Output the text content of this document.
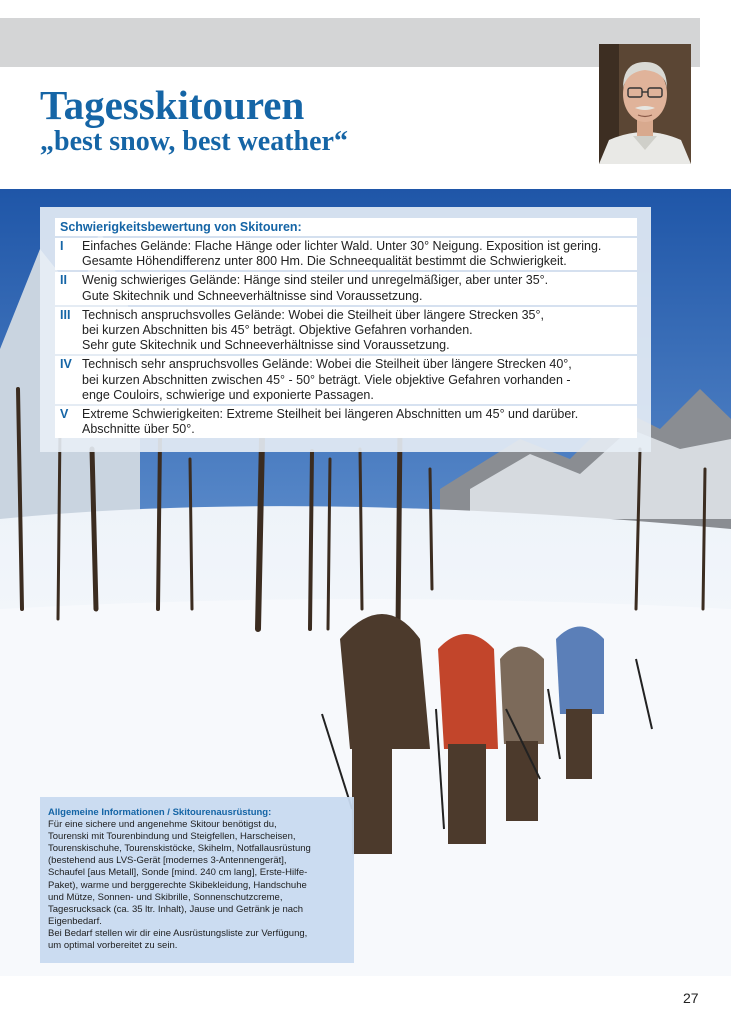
Tagesskitouren
„best snow, best weather“
Schwierigkeitsbewertung von Skitouren:
I	Einfaches Gelände: Flache Hänge oder lichter Wald. Unter 30° Neigung. Exposition ist gering.
Gesamte Höhendifferenz unter 800 Hm. Die Schneequalität bestimmt die Schwierigkeit.
II	Wenig schwieriges Gelände: Hänge sind steiler und unregelmäßiger, aber unter 35°.
Gute Skitechnik und Schneeverhältnisse sind Voraussetzung.
III Technisch anspruchsvolles Gelände: Wobei die Steilheit über längere Strecken 35°,
bei kurzen Abschnitten bis 45° beträgt. Objektive Gefahren vorhanden.
Sehr gute Skitechnik und Schneeverhältnisse sind Voraussetzung.
IV Technisch sehr anspruchsvolles Gelände: Wobei die Steilheit über längere Strecken 40°,
bei kurzen Abschnitten zwischen 45° - 50° beträgt. Viele objektive Gefahren vorhanden -
enge Couloirs, schwierige und exponierte Passagen.
V	Extreme Schwierigkeiten: Extreme Steilheit bei längeren Abschnitten um 45° und darüber.
Abschnitte über 50°.
Allgemeine Informationen / Skitourenausrüstung:
Für eine sichere und angenehme Skitour benötigst du,
Tourenski mit Tourenbindung und Steigfellen, Harscheisen,
Tourenskischuhe, Tourenskistöcke, Skihelm, Notfallausrüstung
(bestehend aus LVS-Gerät [modernes 3-Antennengerät],
Schaufel [aus Metall], Sonde [mind. 240 cm lang], Erste-Hilfe-
Paket), warme und berggerechte Skibekleidung, Handschuhe
und Mütze, Sonnen- und Skibrille, Sonnenschutzcreme,
Tagesrucksack (ca. 35 ltr. Inhalt), Jause und Getränk je nach
Eigenbedarf.
Bei Bedarf stellen wir dir eine Ausrüstungsliste zur Verfügung,
um optimal vorbereitet zu sein.
27
